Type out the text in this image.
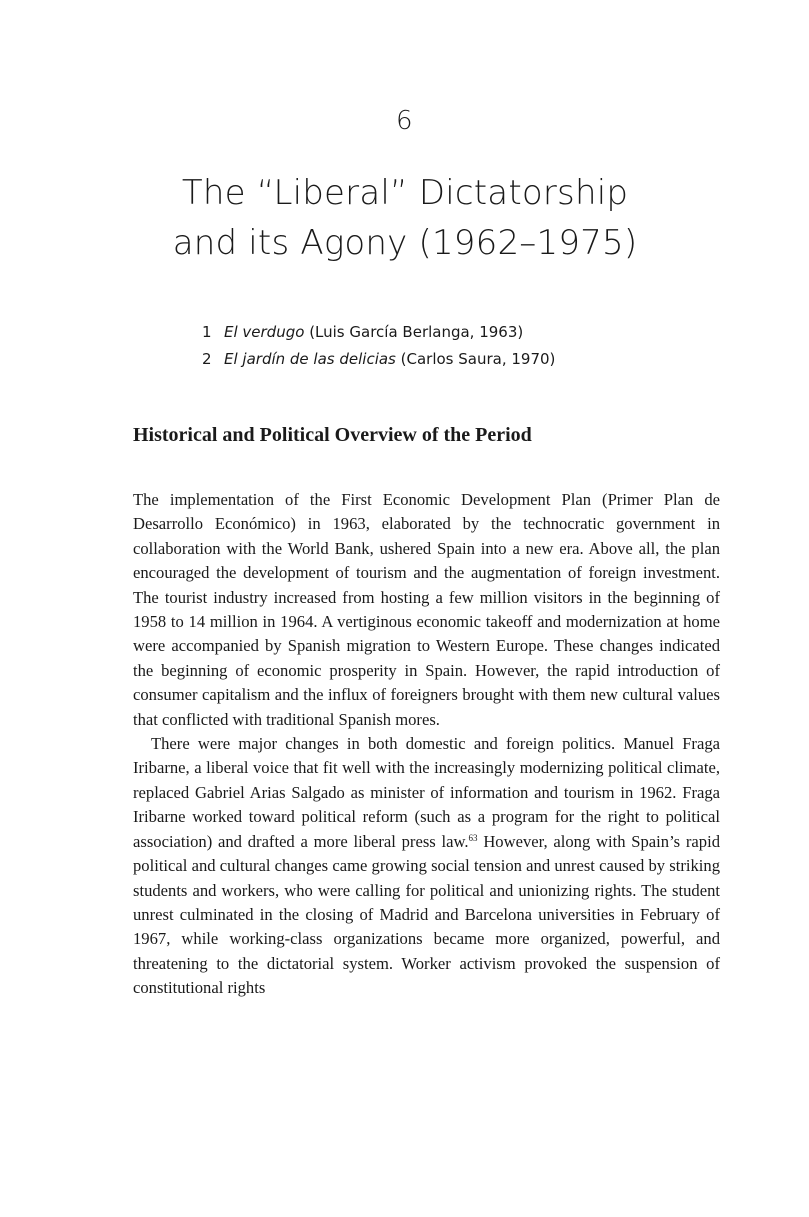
6
The “Liberal” Dictatorship
and its Agony (1962–1975)
1 El verdugo (Luis García Berlanga, 1963)
2 El jardín de las delicias (Carlos Saura, 1970)
Historical and Political Overview of the Period

The implementation of the First Economic Development Plan (Primer Plan de Desarrollo Económico) in 1963, elaborated by the technocratic government in collaboration with the World Bank, ushered Spain into a new era. Above all, the plan encouraged the development of tourism and the augmentation of foreign investment. The tourist industry increased from hosting a few million visitors in the beginning of 1958 to 14 million in 1964. A vertiginous economic takeoff and modernization at home were accompanied by Spanish migration to Western Europe. These changes indicated the beginning of economic prosperity in Spain. However, the rapid introduction of consumer capitalism and the influx of foreigners brought with them new cultural values that conflicted with traditional Spanish mores.

There were major changes in both domestic and foreign politics. Manuel Fraga Iribarne, a liberal voice that fit well with the increasingly modernizing political climate, replaced Gabriel Arias Salgado as minister of information and tourism in 1962. Fraga Iribarne worked toward political reform (such as a program for the right to political association) and drafted a more liberal press law.$^{63}$ However, along with Spain’s rapid political and cultural changes came growing social tension and unrest caused by striking students and workers, who were calling for political and unionizing rights. The student unrest culminated in the closing of Madrid and Barcelona universities in February of 1967, while working-class organizations became more organized, powerful, and threatening to the dictatorial system. Worker activism provoked the suspension of constitutional rights
